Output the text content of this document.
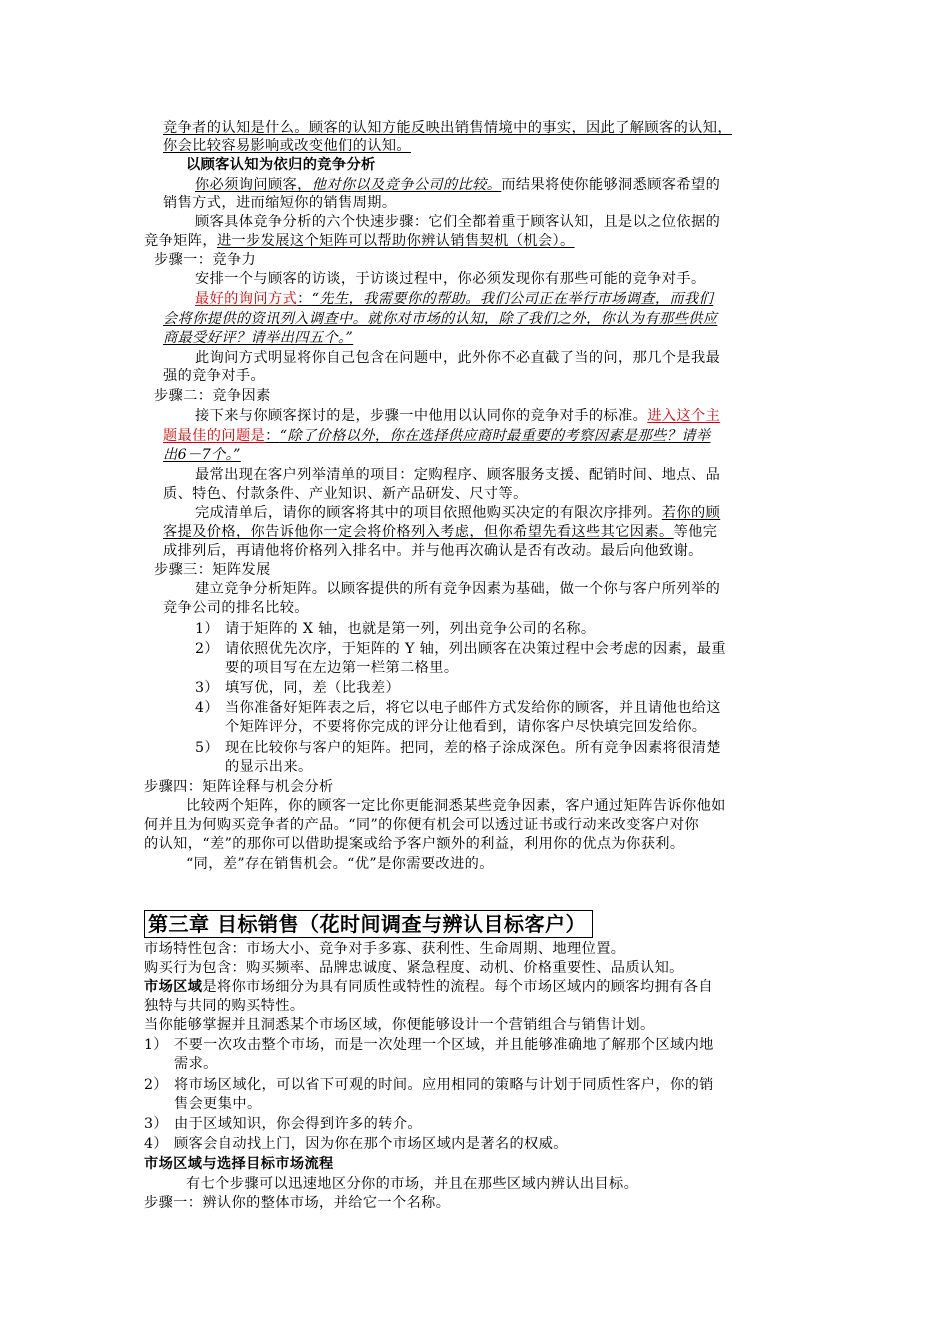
竞争者的认知是什么。顾客的认知方能反映出销售情境中的事实，因此了解顾客的认知，
你会比较容易影响或改变他们的认知。
以顾客认知为依归的竞争分析
你必须询问顾客，他对你以及竞争公司的比较。而结果将使你能够洞悉顾客希望的
销售方式，进而缩短你的销售周期。
顾客具体竞争分析的六个快速步骤：它们全都着重于顾客认知，且是以之位依据的
竞争矩阵，进一步发展这个矩阵可以帮助你辨认销售契机（机会）。
步骤一：竞争力
安排一个与顾客的访谈，于访谈过程中，你必须发现你有那些可能的竞争对手。
最好的询问方式：“先生，我需要你的帮助。我们公司正在举行市场调查，而我们
会将你提供的资讯列入调查中。就你对市场的认知，除了我们之外，你认为有那些供应
商最受好评？请举出四五个。”
此询问方式明显将你自己包含在问题中，此外你不必直截了当的问，那几个是我最
强的竞争对手。
步骤二：竞争因素
接下来与你顾客探讨的是，步骤一中他用以认同你的竞争对手的标准。进入这个主
题最佳的问题是：“除了价格以外，你在选择供应商时最重要的考察因素是那些？请举
出6－7个。”
最常出现在客户列举清单的项目：定购程序、顾客服务支援、配销时间、地点、品
质、特色、付款条件、产业知识、新产品研发、尺寸等。
完成清单后，请你的顾客将其中的项目依照他购买决定的有限次序排列。若你的顾
客提及价格，你告诉他你一定会将价格列入考虑，但你希望先看这些其它因素。等他完
成排列后，再请他将价格列入排名中。并与他再次确认是否有改动。最后向他致谢。
步骤三：矩阵发展
建立竞争分析矩阵。以顾客提供的所有竞争因素为基础，做一个你与客户所列举的
竞争公司的排名比较。
1） 请于矩阵的 X 轴，也就是第一列，列出竞争公司的名称。
2） 请依照优先次序，于矩阵的 Y 轴，列出顾客在决策过程中会考虑的因素，最重
要的项目写在左边第一栏第二格里。
3） 填写优，同，差（比我差）
4） 当你准备好矩阵表之后，将它以电子邮件方式发给你的顾客，并且请他也给这
个矩阵评分，不要将你完成的评分让他看到，请你客户尽快填完回发给你。
5） 现在比较你与客户的矩阵。把同，差的格子涂成深色。所有竞争因素将很清楚
的显示出来。
步骤四：矩阵诠释与机会分析
比较两个矩阵，你的顾客一定比你更能洞悉某些竞争因素，客户通过矩阵告诉你他如
何并且为何购买竞争者的产品。“同”的你便有机会可以透过证书或行动来改变客户对你
的认知，“差”的那你可以借助提案或给予客户额外的利益，利用你的优点为你获利。
“同，差”存在销售机会。“优”是你需要改进的。
第三章 目标销售（花时间调查与辨认目标客户）
市场特性包含：市场大小、竞争对手多寡、获利性、生命周期、地理位置。
购买行为包含：购买频率、品牌忠诚度、紧急程度、动机、价格重要性、品质认知。
市场区域是将你市场细分为具有同质性或特性的流程。每个市场区域内的顾客均拥有各自
独特与共同的购买特性。
当你能够掌握并且洞悉某个市场区域，你便能够设计一个营销组合与销售计划。
1） 不要一次攻击整个市场，而是一次处理一个区域，并且能够准确地了解那个区域内地
需求。
2） 将市场区域化，可以省下可观的时间。应用相同的策略与计划于同质性客户，你的销
售会更集中。
3） 由于区域知识，你会得到许多的转介。
4） 顾客会自动找上门，因为你在那个市场区域内是著名的权威。
市场区域与选择目标市场流程
有七个步骤可以迅速地区分你的市场，并且在那些区域内辨认出目标。
步骤一：辨认你的整体市场，并给它一个名称。
